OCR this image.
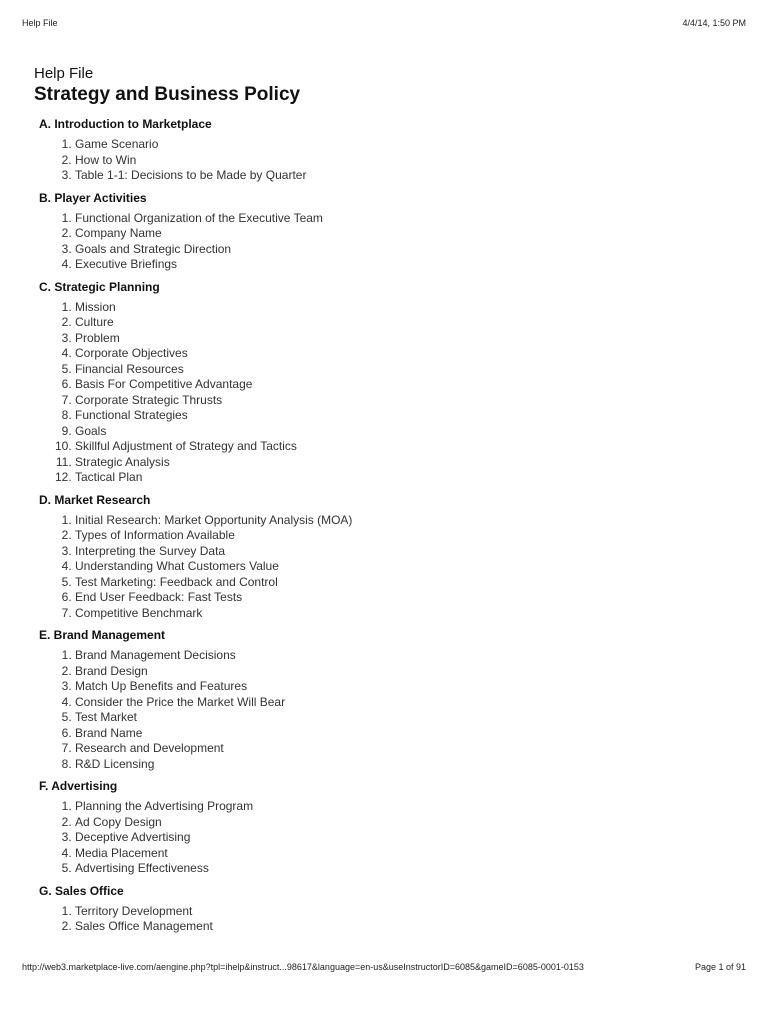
Help File	4/4/14, 1:50 PM
Help File
Strategy and Business Policy
A. Introduction to Marketplace
1. Game Scenario
2. How to Win
3. Table 1-1: Decisions to be Made by Quarter
B. Player Activities
1. Functional Organization of the Executive Team
2. Company Name
3. Goals and Strategic Direction
4. Executive Briefings
C. Strategic Planning
1. Mission
2. Culture
3. Problem
4. Corporate Objectives
5. Financial Resources
6. Basis For Competitive Advantage
7. Corporate Strategic Thrusts
8. Functional Strategies
9. Goals
10. Skillful Adjustment of Strategy and Tactics
11. Strategic Analysis
12. Tactical Plan
D. Market Research
1. Initial Research: Market Opportunity Analysis (MOA)
2. Types of Information Available
3. Interpreting the Survey Data
4. Understanding What Customers Value
5. Test Marketing: Feedback and Control
6. End User Feedback: Fast Tests
7. Competitive Benchmark
E. Brand Management
1. Brand Management Decisions
2. Brand Design
3. Match Up Benefits and Features
4. Consider the Price the Market Will Bear
5. Test Market
6. Brand Name
7. Research and Development
8. R&D Licensing
F. Advertising
1. Planning the Advertising Program
2. Ad Copy Design
3. Deceptive Advertising
4. Media Placement
5. Advertising Effectiveness
G. Sales Office
1. Territory Development
2. Sales Office Management
http://web3.marketplace-live.com/aengine.php?tpl=ihelp&instruct...98617&language=en-us&useInstructorID=6085&gameID=6085-0001-0153	Page 1 of 91
